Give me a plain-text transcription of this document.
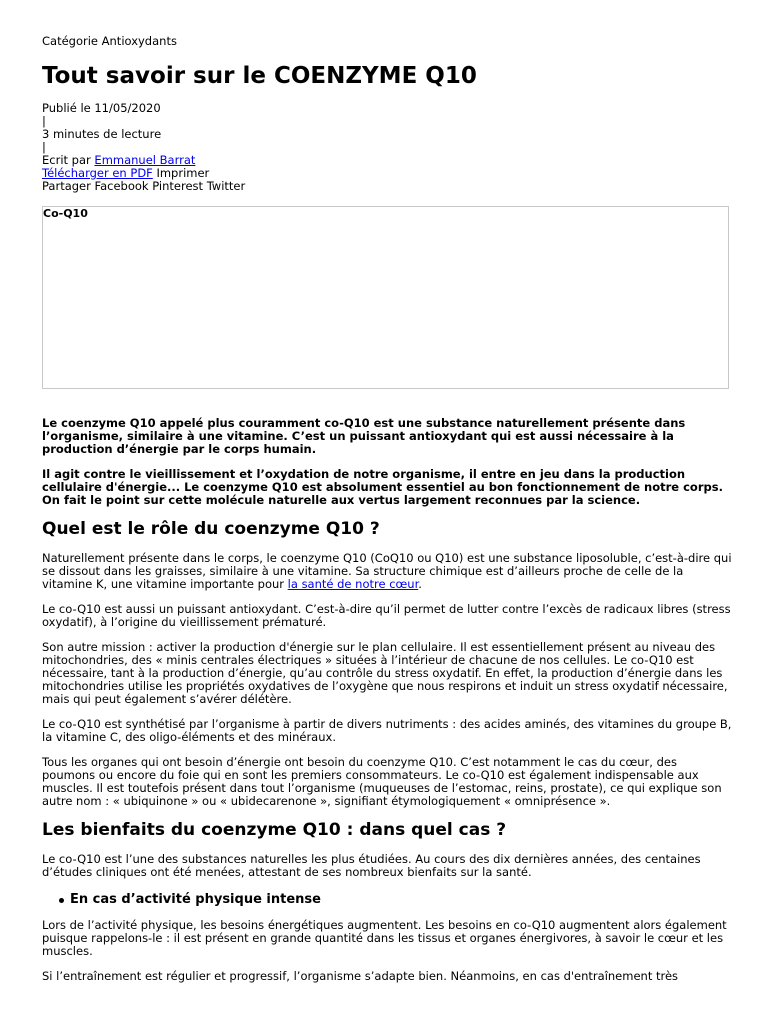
Catégorie Antioxydants
Tout savoir sur le COENZYME Q10
Publié le 11/05/2020
|
3 minutes de lecture
|
Ecrit par Emmanuel Barrat
Télécharger en PDF Imprimer
Partager Facebook Pinterest Twitter
Co-Q10

Le coenzyme Q10 appelé plus couramment co-Q10 est une substance naturellement présente dans l’organisme, similaire à une vitamine. C’est un puissant antioxydant qui est aussi nécessaire à la production d’énergie par le corps humain.

Il agit contre le vieillissement et l’oxydation de notre organisme, il entre en jeu dans la production cellulaire d'énergie... Le coenzyme Q10 est absolument essentiel au bon fonctionnement de notre corps. On fait le point sur cette molécule naturelle aux vertus largement reconnues par la science.

Quel est le rôle du coenzyme Q10 ?

Naturellement présente dans le corps, le coenzyme Q10 (CoQ10 ou Q10) est une substance liposoluble, c’est-à-dire qui se dissout dans les graisses, similaire à une vitamine. Sa structure chimique est d’ailleurs proche de celle de la vitamine K, une vitamine importante pour la santé de notre cœur.

Le co-Q10 est aussi un puissant antioxydant. C’est-à-dire qu’il permet de lutter contre l’excès de radicaux libres (stress oxydatif), à l’origine du vieillissement prématuré.

Son autre mission : activer la production d'énergie sur le plan cellulaire. Il est essentiellement présent au niveau des mitochondries, des « minis centrales électriques » situées à l’intérieur de chacune de nos cellules. Le co-Q10 est nécessaire, tant à la production d’énergie, qu’au contrôle du stress oxydatif. En effet, la production d’énergie dans les mitochondries utilise les propriétés oxydatives de l’oxygène que nous respirons et induit un stress oxydatif nécessaire, mais qui peut également s’avérer délétère.

Le co-Q10 est synthétisé par l’organisme à partir de divers nutriments : des acides aminés, des vitamines du groupe B, la vitamine C, des oligo-éléments et des minéraux.

Tous les organes qui ont besoin d’énergie ont besoin du coenzyme Q10. C’est notamment le cas du cœur, des poumons ou encore du foie qui en sont les premiers consommateurs. Le co-Q10 est également indispensable aux muscles. Il est toutefois présent dans tout l’organisme (muqueuses de l’estomac, reins, prostate), ce qui explique son autre nom : « ubiquinone » ou « ubidecarenone », signifiant étymologiquement « omniprésence ».

Les bienfaits du coenzyme Q10 : dans quel cas ?

Le co-Q10 est l’une des substances naturelles les plus étudiées. Au cours des dix dernières années, des centaines d’études cliniques ont été menées, attestant de ses nombreux bienfaits sur la santé.

En cas d’activité physique intense

Lors de l’activité physique, les besoins énergétiques augmentent. Les besoins en co-Q10 augmentent alors également puisque rappelons-le : il est présent en grande quantité dans les tissus et organes énergivores, à savoir le cœur et les muscles.

Si l’entraînement est régulier et progressif, l’organisme s’adapte bien. Néanmoins, en cas d'entraînement très
